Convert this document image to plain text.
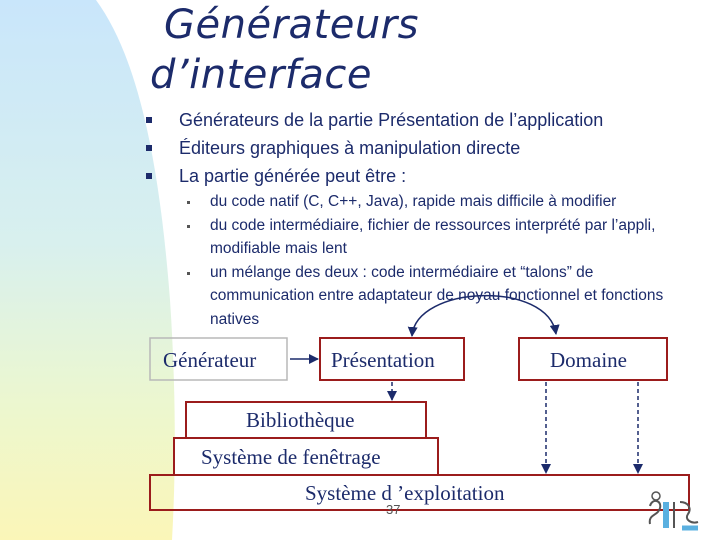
Générateurs
d’interface

Générateurs de la partie Présentation de l’application

Éditeurs graphiques à manipulation directe

La partie générée peut être :

du code natif (C, C++, Java), rapide mais difficile à modifier

du code intermédiaire, fichier de ressources interprété par l’appli, modifiable mais lent

un mélange des deux : code intermédiaire et “talons” de communication entre adaptateur de noyau fonctionnel et fonctions natives

Générateur	Présentation	Domaine
Bibliothèque
Système de fenêtrage
Système d ’exploitation
37
